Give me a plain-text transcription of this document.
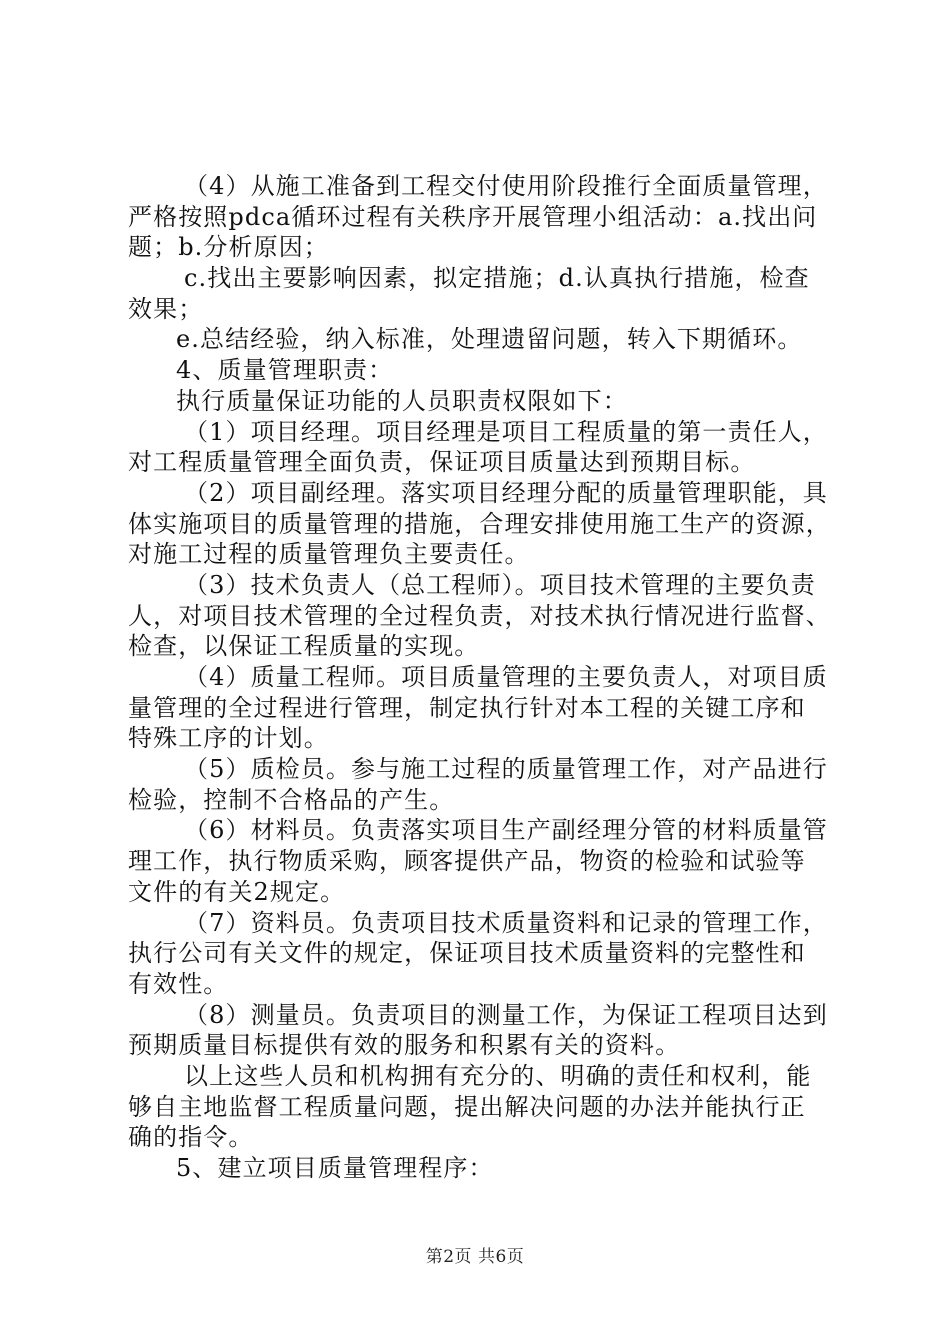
（4）从施工准备到工程交付使用阶段推行全面质量管理，
严格按照pdca循环过程有关秩序开展管理小组活动：a.找出问
题；b.分析原因；
c.找出主要影响因素，拟定措施；d.认真执行措施，检查
效果；
e.总结经验，纳入标准，处理遗留问题，转入下期循环。
4、质量管理职责：
执行质量保证功能的人员职责权限如下：
（1）项目经理。项目经理是项目工程质量的第一责任人，
对工程质量管理全面负责，保证项目质量达到预期目标。
（2）项目副经理。落实项目经理分配的质量管理职能，具
体实施项目的质量管理的措施，合理安排使用施工生产的资源，
对施工过程的质量管理负主要责任。
（3）技术负责人（总工程师）。项目技术管理的主要负责
人，对项目技术管理的全过程负责，对技术执行情况进行监督、
检查，以保证工程质量的实现。
（4）质量工程师。项目质量管理的主要负责人，对项目质
量管理的全过程进行管理，制定执行针对本工程的关键工序和
特殊工序的计划。
（5）质检员。参与施工过程的质量管理工作，对产品进行
检验，控制不合格品的产生。
（6）材料员。负责落实项目生产副经理分管的材料质量管
理工作，执行物质采购，顾客提供产品，物资的检验和试验等
文件的有关2规定。
（7）资料员。负责项目技术质量资料和记录的管理工作，
执行公司有关文件的规定，保证项目技术质量资料的完整性和
有效性。
（8）测量员。负责项目的测量工作，为保证工程项目达到
预期质量目标提供有效的服务和积累有关的资料。
以上这些人员和机构拥有充分的、明确的责任和权利，能
够自主地监督工程质量问题，提出解决问题的办法并能执行正
确的指令。
5、建立项目质量管理程序：
第2页 共6页
